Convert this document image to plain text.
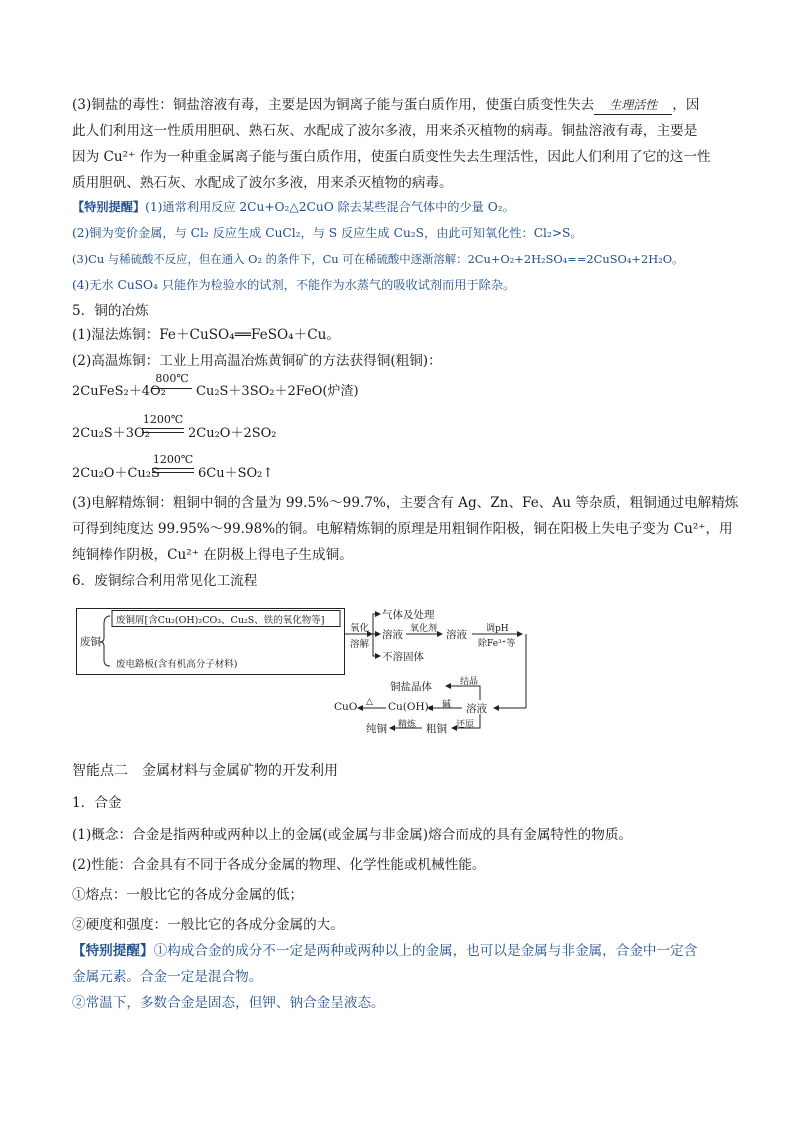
(3)铜盐的毒性：铜盐溶液有毒，主要是因为铜离子能与蛋白质作用，使蛋白质变性失去 生理活性 ，因
此人们利用这一性质用胆矾、熟石灰、水配成了波尔多液，用来杀灭植物的病毒。铜盐溶液有毒，主要是
因为 Cu²⁺ 作为一种重金属离子能与蛋白质作用，使蛋白质变性失去生理活性，因此人们利用了它的这一性
质用胆矾、熟石灰、水配成了波尔多液，用来杀灭植物的病毒。
【特别提醒】(1)通常利用反应 2Cu+O₂△2CuO 除去某些混合气体中的少量 O₂。
(2)铜为变价金属，与 Cl₂ 反应生成 CuCl₂，与 S 反应生成 Cu₂S，由此可知氧化性：Cl₂>S。
(3)Cu 与稀硫酸不反应，但在通入 O₂ 的条件下，Cu 可在稀硫酸中逐渐溶解：2Cu+O₂+2H₂SO₄==2CuSO₄+2H₂O。
(4)无水 CuSO₄ 只能作为检验水的试剂，不能作为水蒸气的吸收试剂而用于除杂。
5．铜的冶炼
(1)湿法炼铜：Fe＋CuSO₄══FeSO₄＋Cu。
(2)高温炼铜：工业上用高温冶炼黄铜矿的方法获得铜(粗铜)：
2CuFeS₂＋4O₂
800℃
Cu₂S＋3SO₂＋2FeO(炉渣)
2Cu₂S＋3O₂
1200℃
2Cu₂O＋2SO₂
2Cu₂O＋Cu₂S
1200℃
6Cu＋SO₂↑
(3)电解精炼铜：粗铜中铜的含量为 99.5%～99.7%，主要含有 Ag、Zn、Fe、Au 等杂质，粗铜通过电解精炼
可得到纯度达 99.95%～99.98%的铜。电解精炼铜的原理是用粗铜作阳极，铜在阳极上失电子变为 Cu²⁺，用
纯铜棒作阴极，Cu²⁺ 在阴极上得电子生成铜。
6．废铜综合利用常见化工流程
废铜
废铜屑[含Cu₂(OH)₂CO₃、Cu₂S、铁的氧化物等]
废电路板(含有机高分子材料)
氧化
溶解
气体及处理
溶液
不溶固体
氧化剂 溶液 调pH
除Fe³⁺等
铜盐晶体	结晶
溶液
CuO △ Cu(OH)₂ 碱
纯铜 精炼 粗铜 还原
智能点二　金属材料与金属矿物的开发利用
1．合金
(1)概念：合金是指两种或两种以上的金属(或金属与非金属)熔合而成的具有金属特性的物质。
(2)性能：合金具有不同于各成分金属的物理、化学性能或机械性能。
①熔点：一般比它的各成分金属的低；
②硬度和强度：一般比它的各成分金属的大。
【特别提醒】①构成合金的成分不一定是两种或两种以上的金属，也可以是金属与非金属，合金中一定含
金属元素。合金一定是混合物。
②常温下，多数合金是固态，但钾、钠合金呈液态。
